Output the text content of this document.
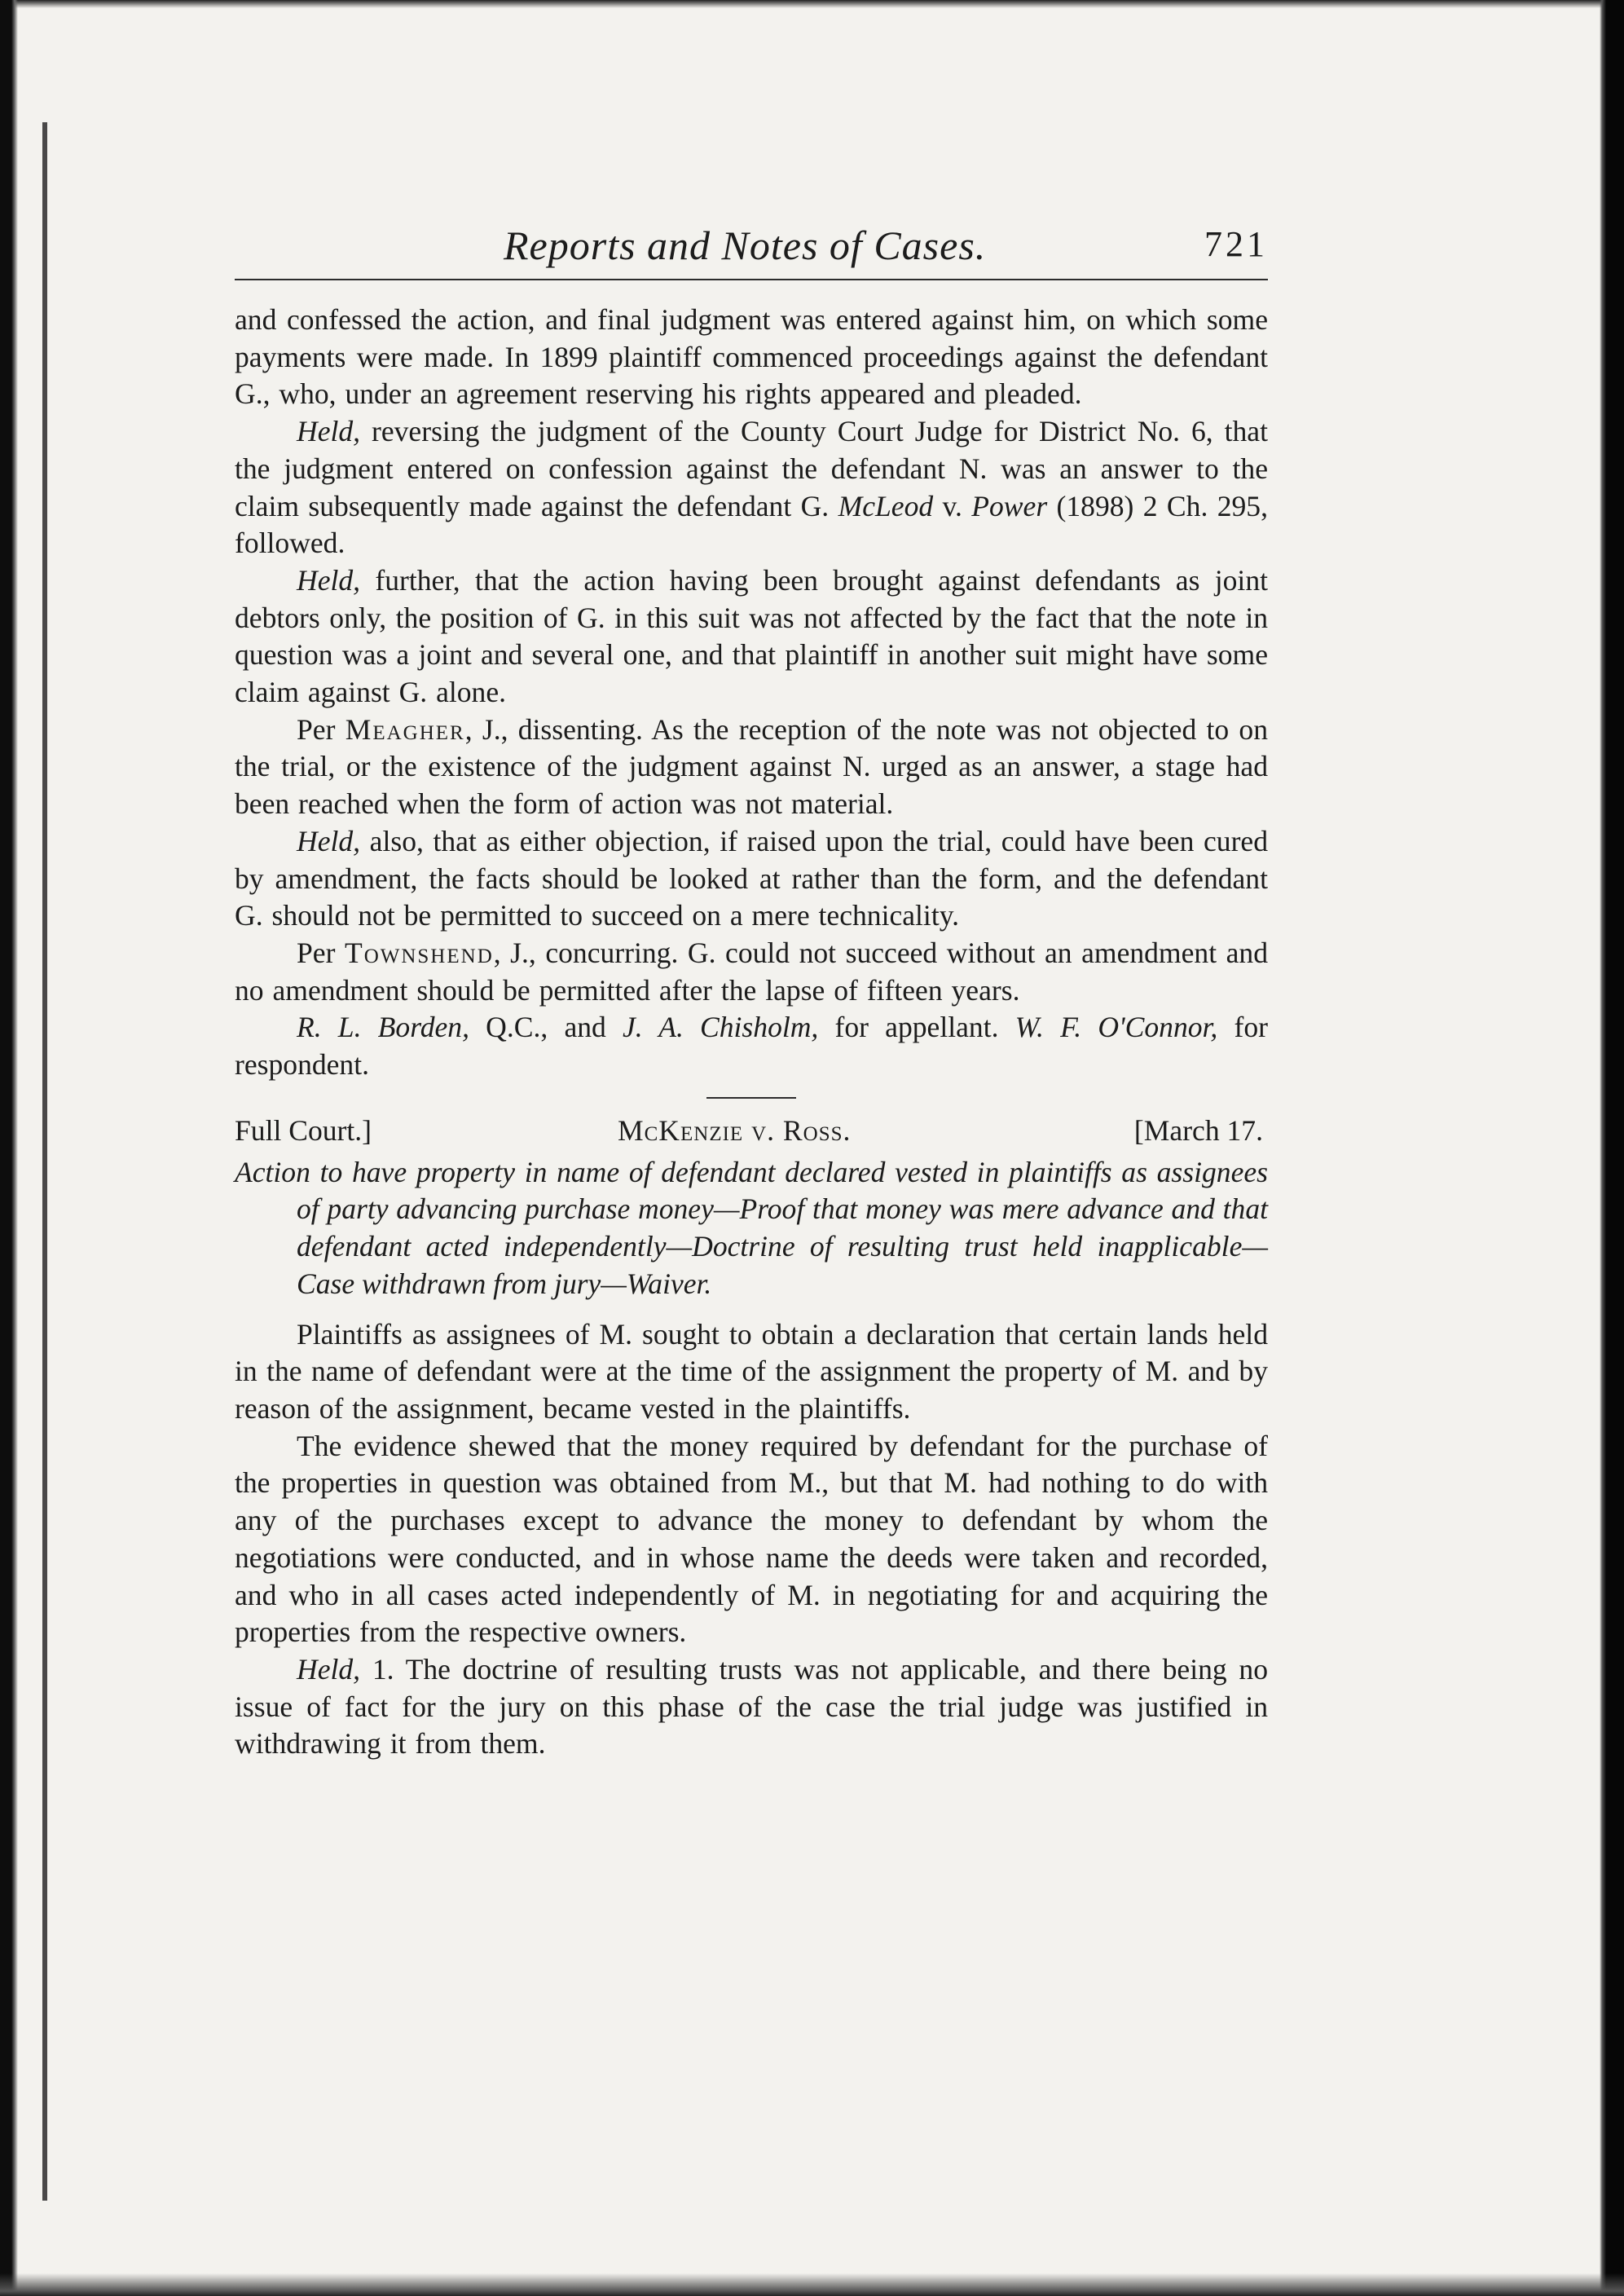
Reports and Notes of Cases.	721

and confessed the action, and final judgment was entered against him, on which some payments were made. In 1899 plaintiff commenced proceedings against the defendant G., who, under an agreement reserving his rights appeared and pleaded.

Held, reversing the judgment of the County Court Judge for District No. 6, that the judgment entered on confession against the defendant N. was an answer to the claim subsequently made against the defendant G. McLeod v. Power (1898) 2 Ch. 295, followed.

Held, further, that the action having been brought against defendants as joint debtors only, the position of G. in this suit was not affected by the fact that the note in question was a joint and several one, and that plaintiff in another suit might have some claim against G. alone.

Per Meagher, J., dissenting. As the reception of the note was not objected to on the trial, or the existence of the judgment against N. urged as an answer, a stage had been reached when the form of action was not material.

Held, also, that as either objection, if raised upon the trial, could have been cured by amendment, the facts should be looked at rather than the form, and the defendant G. should not be permitted to succeed on a mere technicality.

Per Townshend, J., concurring. G. could not succeed without an amendment and no amendment should be permitted after the lapse of fifteen years.

R. L. Borden, Q.C., and J. A. Chisholm, for appellant. W. F. O'Connor, for respondent.

Full Court.]	McKenzie v. Ross.	[March 17.

Action to have property in name of defendant declared vested in plaintiffs as assignees of party advancing purchase money—Proof that money was mere advance and that defendant acted independently—Doctrine of resulting trust held inapplicable—Case withdrawn from jury—Waiver.

Plaintiffs as assignees of M. sought to obtain a declaration that certain lands held in the name of defendant were at the time of the assignment the property of M. and by reason of the assignment, became vested in the plaintiffs.

The evidence shewed that the money required by defendant for the purchase of the properties in question was obtained from M., but that M. had nothing to do with any of the purchases except to advance the money to defendant by whom the negotiations were conducted, and in whose name the deeds were taken and recorded, and who in all cases acted independently of M. in negotiating for and acquiring the properties from the respective owners.

Held, 1. The doctrine of resulting trusts was not applicable, and there being no issue of fact for the jury on this phase of the case the trial judge was justified in withdrawing it from them.
